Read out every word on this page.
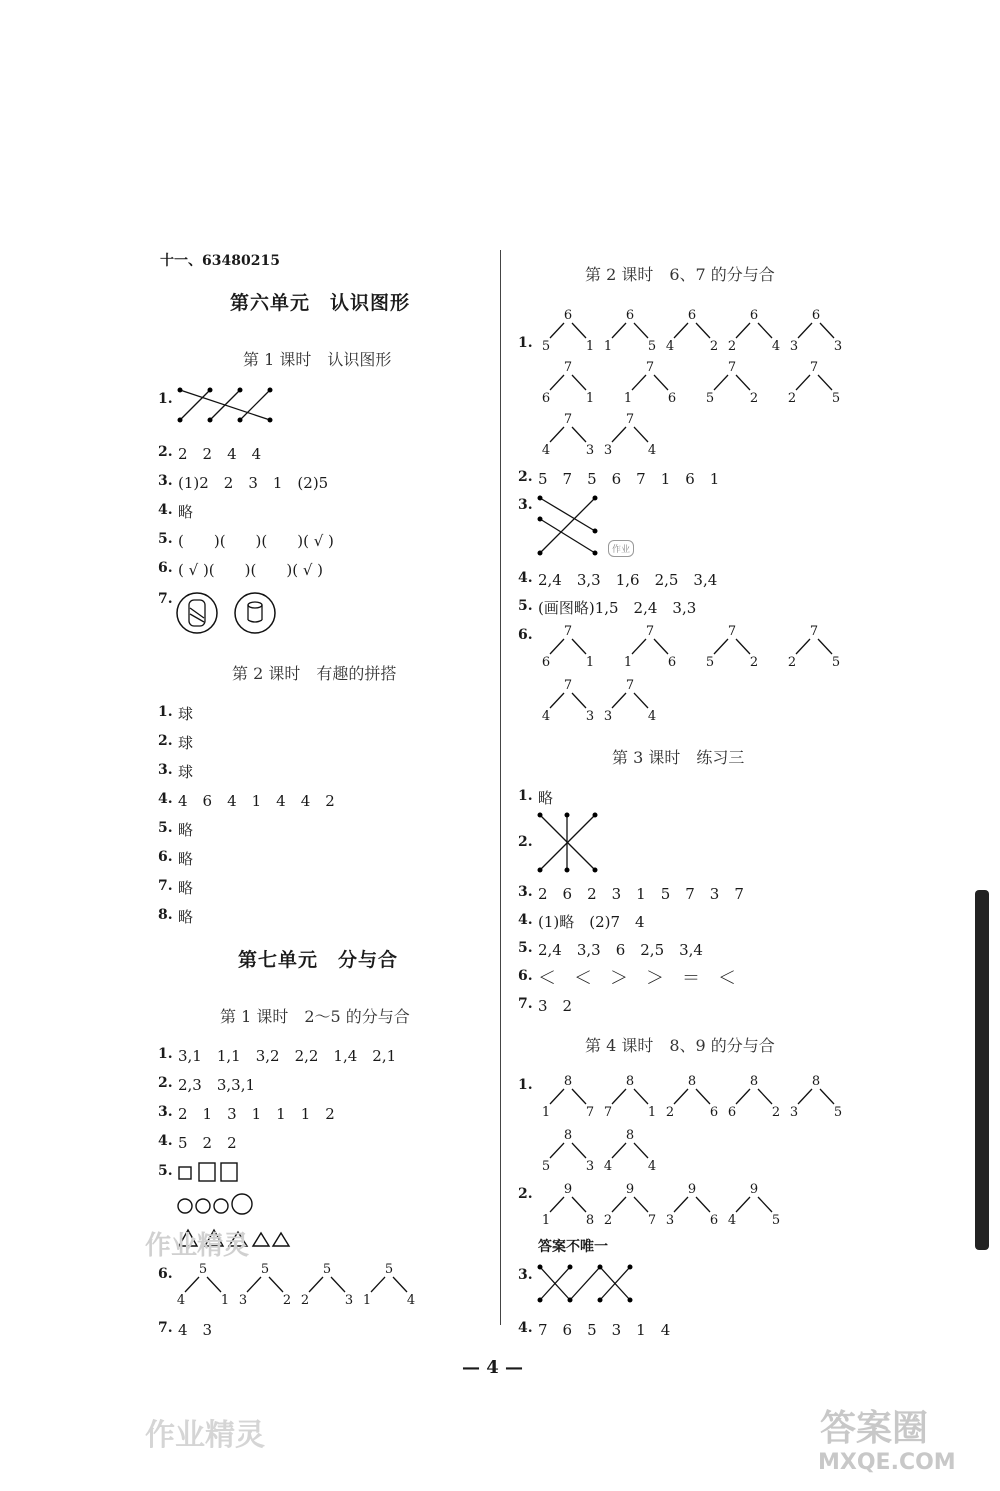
十一、63480215
第六单元　认识图形
第 1 课时　认识图形
1.
2. 2　2　4　4
3. (1)2　2　3　1　(2)5
4. 略
5. (　　)(　　)(　　)( √ )
6. ( √ )(　　)(　　)( √ )
7.
第 2 课时　有趣的拼搭
1. 球
2. 球
3. 球
4. 4　6　4　1　4　4　2
5. 略
6. 略
7. 略
8. 略
第七单元　分与合
第 1 课时　2～5 的分与合
1. 3,1　1,1　3,2　2,2　1,4　2,1
2. 2,3　3,3,1
3. 2　1　3　1　1　1　2
4. 5　2　2
5.
作业精灵
6. 5
4	1
5
3	2
5
2	3
5
1	4
7. 4　3
第 2 课时　6、7 的分与合
1.
6
5	1
6
1	5
6
4	2
6
2	4
6
3	3
7
6	1
7
1	6
7
5	2
7
2	5
7
4	3
7
3	4
2. 5　7　5　6　7　1　6　1
3.
作业
4. 2,4　3,3　1,6　2,5　3,4
5. (画图略)1,5　2,4　3,3
6. 7
6	1
7
1	6
7
5	2
7
2	5
7
4	3
7
3	4
第 3 课时　练习三
1. 略
2.
3. 2　6　2　3　1　5　7　3　7
4. (1)略　(2)7　4
5. 2,4　3,3　6　2,5　3,4
6. ＜　＜　＞　＞　＝　＜
7. 3　2
第 4 课时　8、9 的分与合
1. 8
1	7
8
7	1
8
2	6
8
6	2
8
3	5
8
5	3
8
4	4
2. 9
1	8
9
2	7
9
3	6
9
4	5
答案不唯一
3.
4. 7　6　5　3　1　4
— 4 —
作业精灵	答案圈
MXQE.COM
